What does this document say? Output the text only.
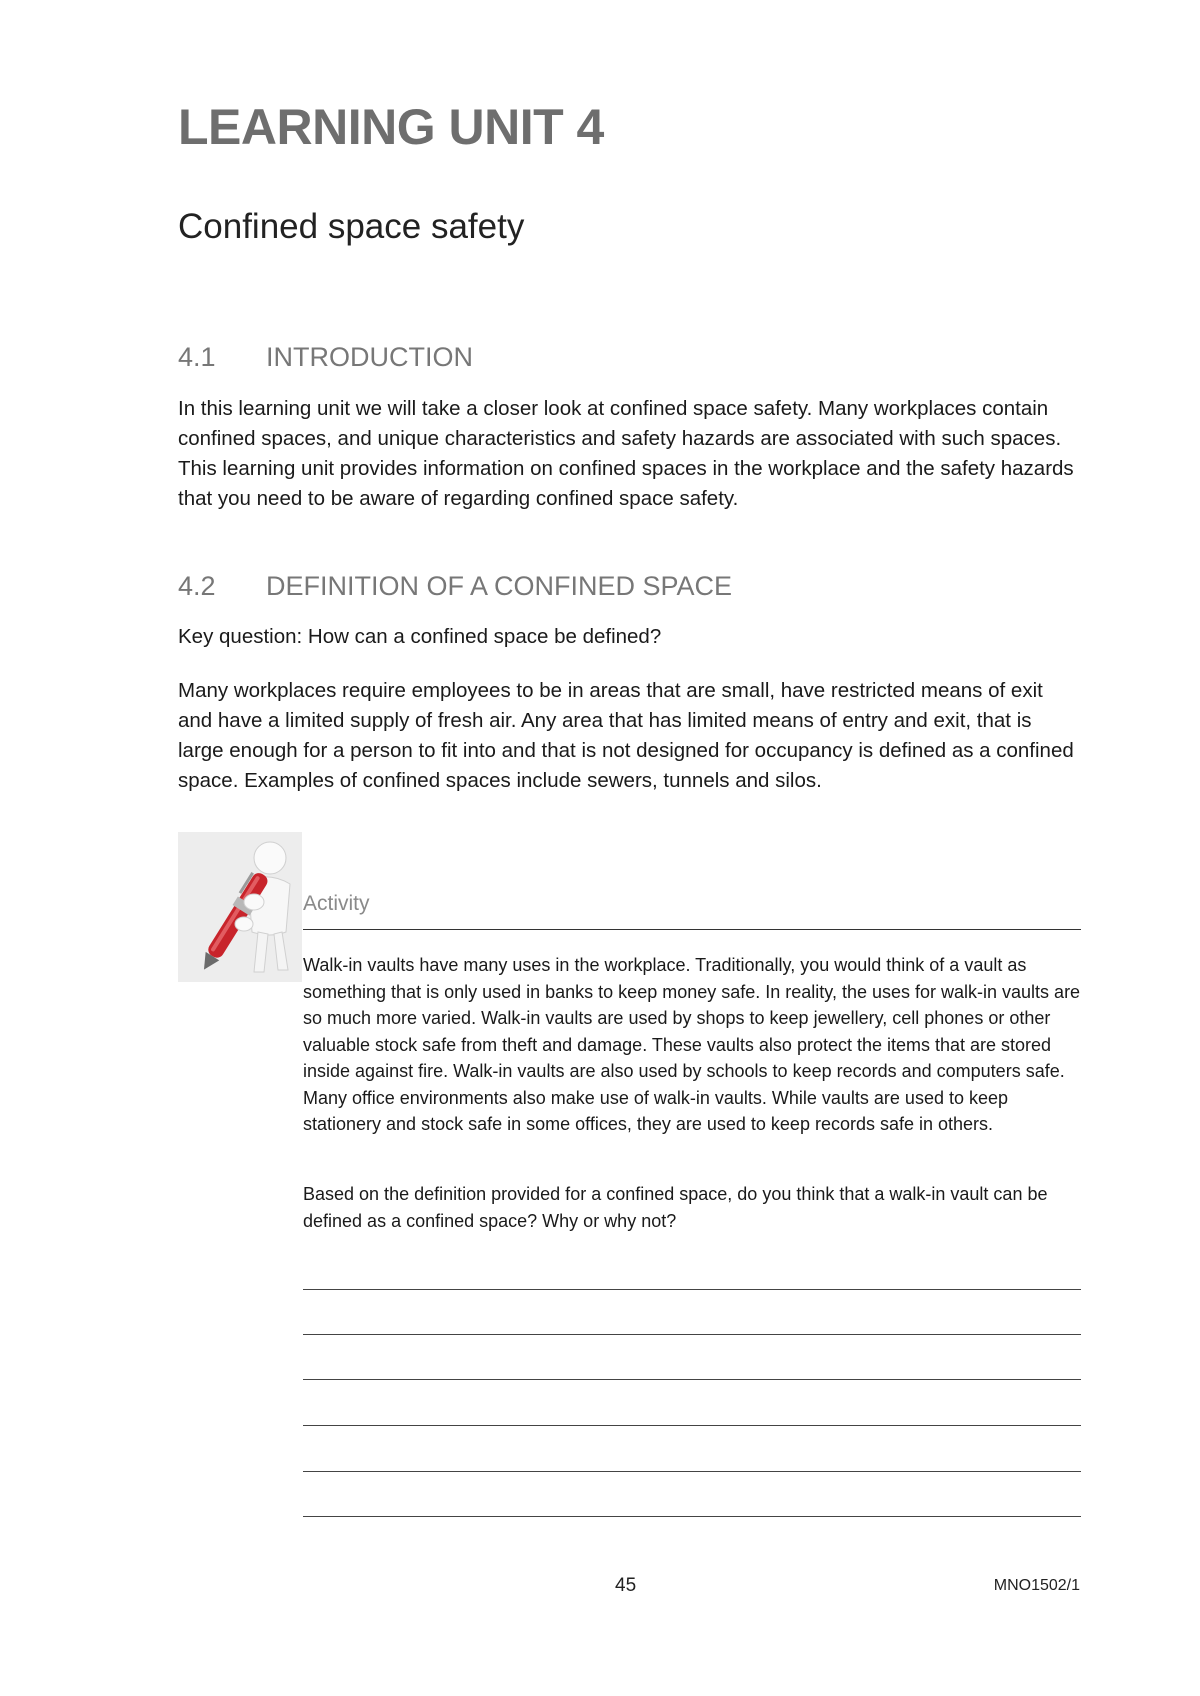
LEARNING UNIT 4
Confined space safety
4.1	INTRODUCTION

In this learning unit we will take a closer look at confined space safety. Many workplaces contain confined spaces, and unique characteristics and safety hazards are associated with such spaces. This learning unit provides information on confined spaces in the workplace and the safety hazards that you need to be aware of regarding confined space safety.

4.2	DEFINITION OF A CONFINED SPACE

Key question: How can a confined space be defined?

Many workplaces require employees to be in areas that are small, have restricted means of exit and have a limited supply of fresh air. Any area that has limited means of entry and exit, that is large enough for a person to fit into and that is not designed for occupancy is defined as a confined space. Examples of confined spaces include sewers, tunnels and silos.

Activity

Walk-in vaults have many uses in the workplace. Traditionally, you would think of a vault as something that is only used in banks to keep money safe. In reality, the uses for walk-in vaults are so much more varied. Walk-in vaults are used by shops to keep jewellery, cell phones or other valuable stock safe from theft and damage. These vaults also protect the items that are stored inside against fire. Walk-in vaults are also used by schools to keep records and computers safe. Many office environments also make use of walk-in vaults. While vaults are used to keep stationery and stock safe in some offices, they are used to keep records safe in others.

Based on the definition provided for a confined space, do you think that a walk-in vault can be defined as a confined space? Why or why not?

45	MNO1502/1
